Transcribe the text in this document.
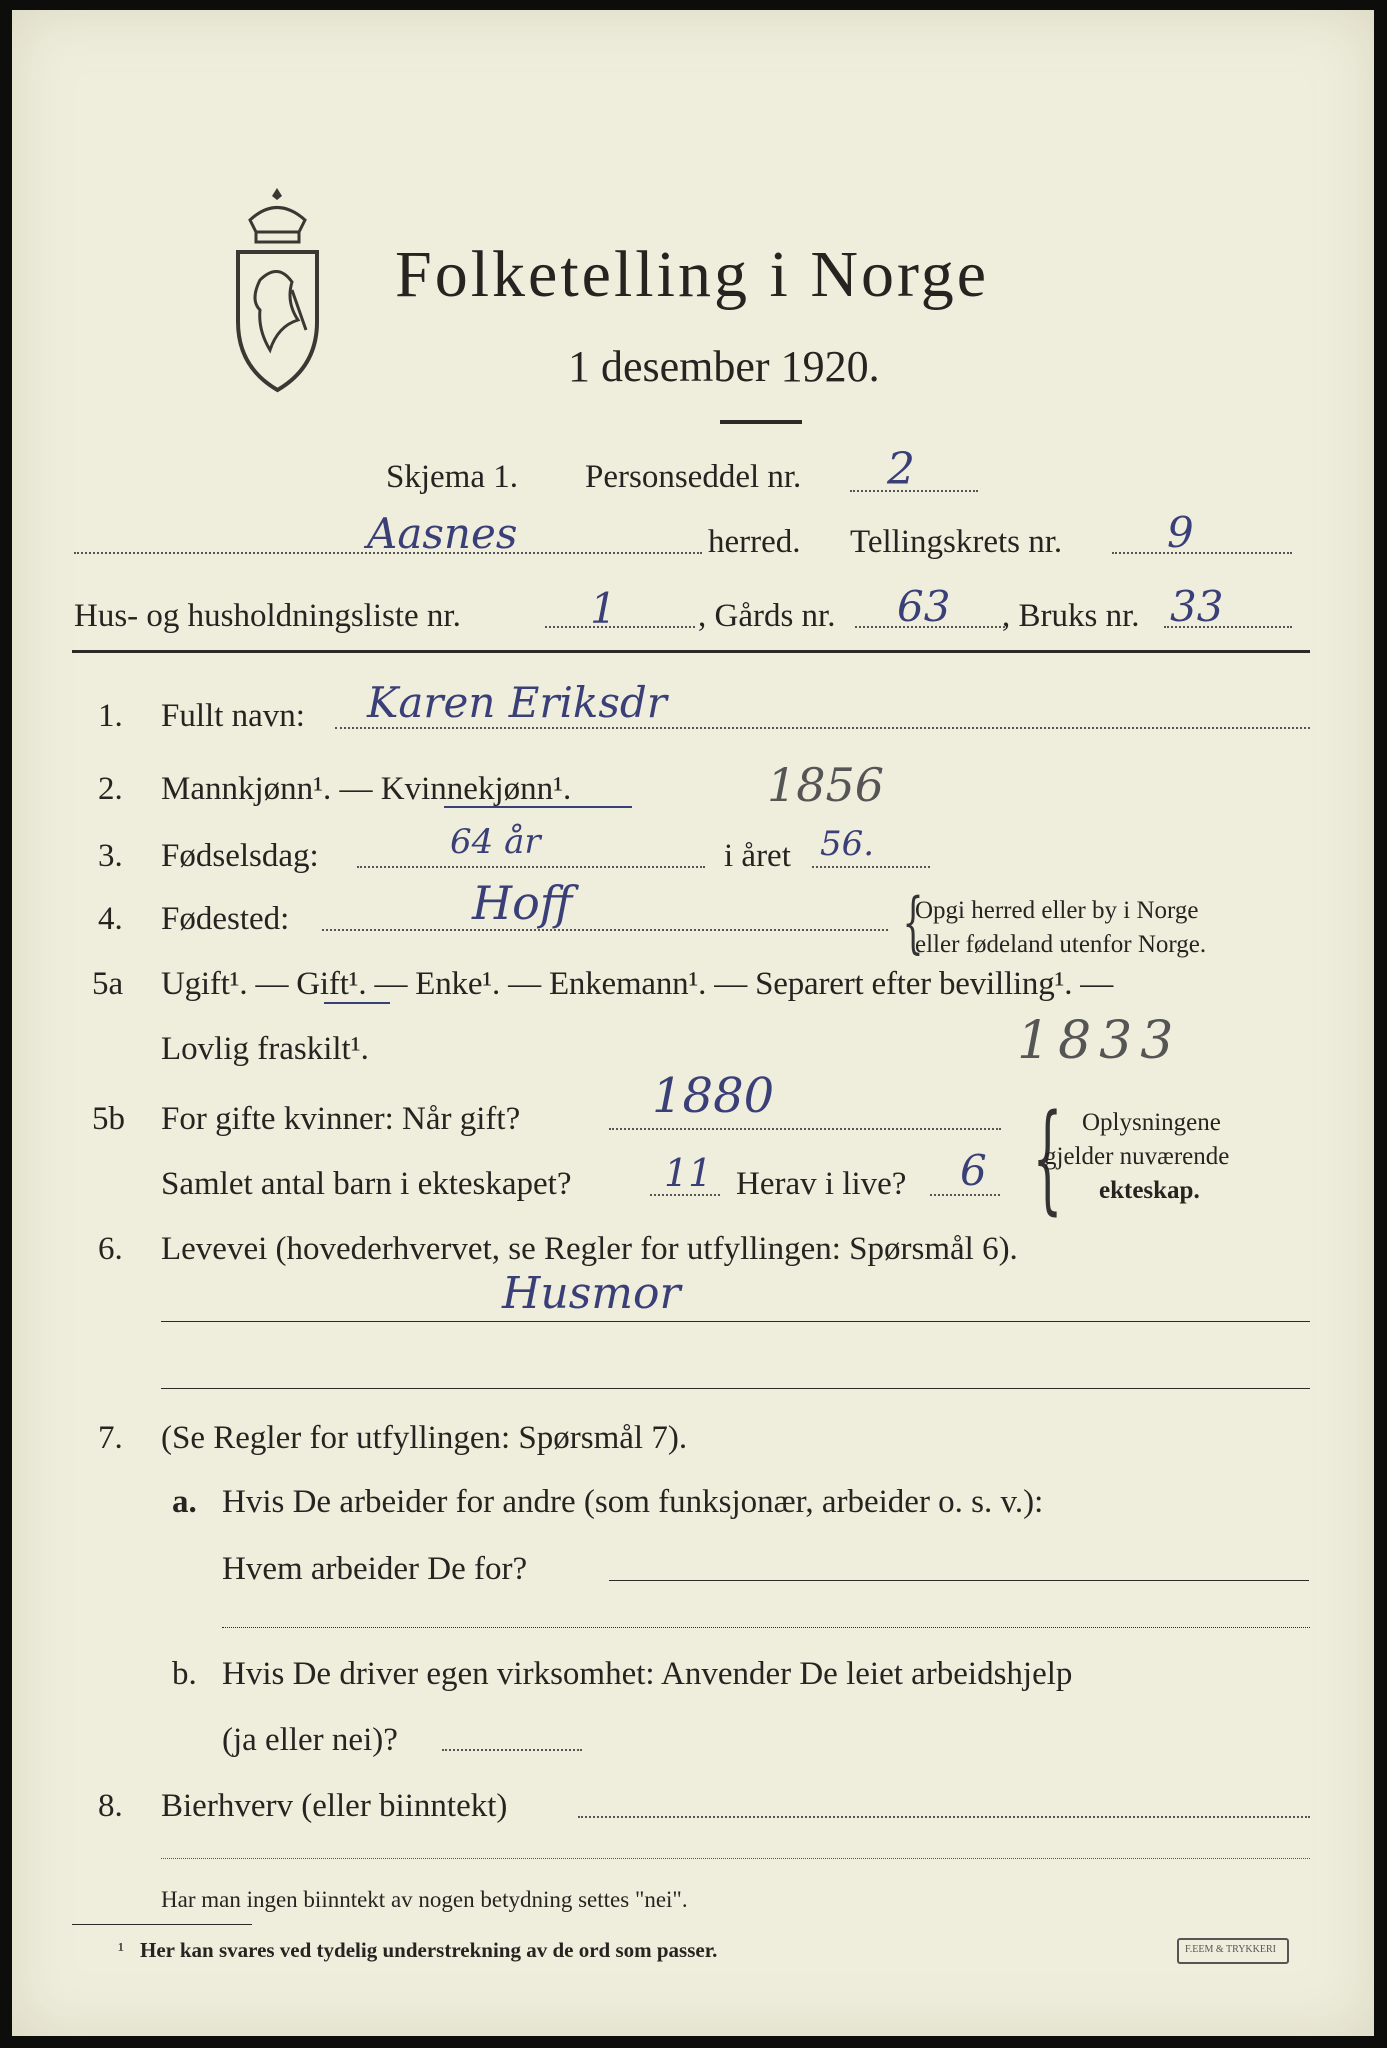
Folketelling i Norge
1 desember 1920.
Skjema 1. Personseddel nr. 2
Aasnes	herred. Tellingskrets nr. 9
Hus- og husholdningsliste nr.	1 , Gårds nr. 63 , Bruks nr. 33
1. Fullt navn: Karen Eriksdr
2. Mannkjønn¹. — Kvinnekjønn¹.	1856
3. Fødselsdag:	64 år	i året 56.
4. Fødested:	Hoff	{
Opgi herred eller by i Norge
eller fødeland utenfor Norge.
5a Ugift¹. — Gift¹. — Enke¹. — Enkemann¹. — Separert efter bevilling¹. —
Lovlig fraskilt¹.	1833
5b For gifte kvinner: Når gift?	1880
Samlet antal barn i ekteskapet? 11 Herav i live? 6 { Oplysningene
gjelder nuværende
ekteskap.
6. Levevei (hovederhvervet, se Regler for utfyllingen: Spørsmål 6).
Husmor
7. (Se Regler for utfyllingen: Spørsmål 7).
a. Hvis De arbeider for andre (som funksjonær, arbeider o. s. v.):
Hvem arbeider De for?
b. Hvis De driver egen virksomhet: Anvender De leiet arbeidshjelp
(ja eller nei)?
8. Bierhverv (eller biinntekt)
Har man ingen biinntekt av nogen betydning settes "nei".
¹ Her kan svares ved tydelig understrekning av de ord som passer.	F.EEM & TRYKKERI
